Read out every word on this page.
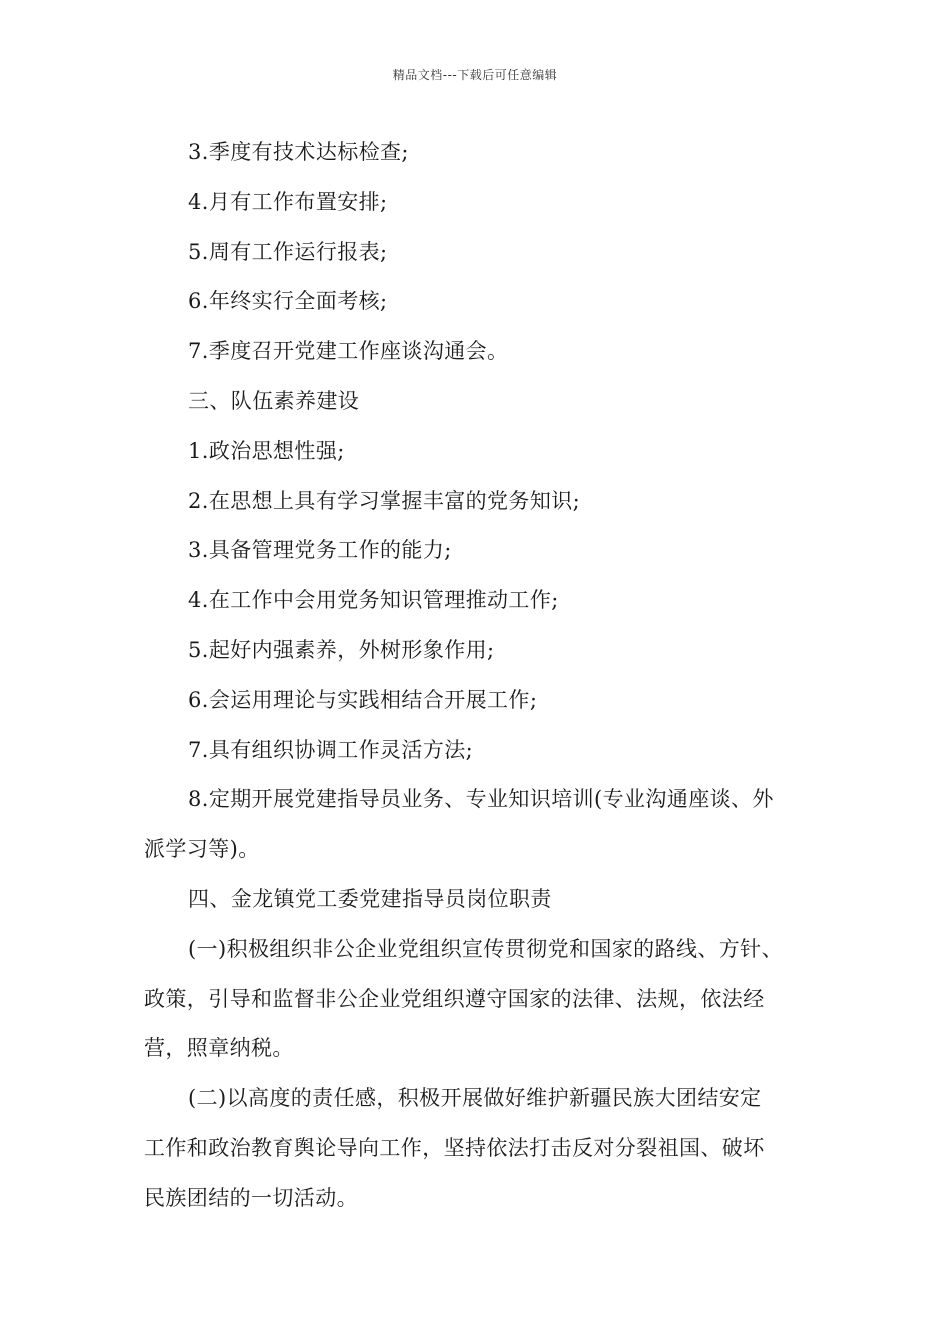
精品文档---下载后可任意编辑
3.季度有技术达标检查;
4.月有工作布置安排;
5.周有工作运行报表;
6.年终实行全面考核;
7.季度召开党建工作座谈沟通会。
三、队伍素养建设
1.政治思想性强;
2.在思想上具有学习掌握丰富的党务知识;
3.具备管理党务工作的能力;
4.在工作中会用党务知识管理推动工作;
5.起好内强素养，外树形象作用;
6.会运用理论与实践相结合开展工作;
7.具有组织协调工作灵活方法;
8.定期开展党建指导员业务、专业知识培训(专业沟通座谈、外
派学习等)。
四、金龙镇党工委党建指导员岗位职责
(一)积极组织非公企业党组织宣传贯彻党和国家的路线、方针、
政策，引导和监督非公企业党组织遵守国家的法律、法规，依法经
营，照章纳税。
(二)以高度的责任感，积极开展做好维护新疆民族大团结安定
工作和政治教育舆论导向工作，坚持依法打击反对分裂祖国、破坏
民族团结的一切活动。
